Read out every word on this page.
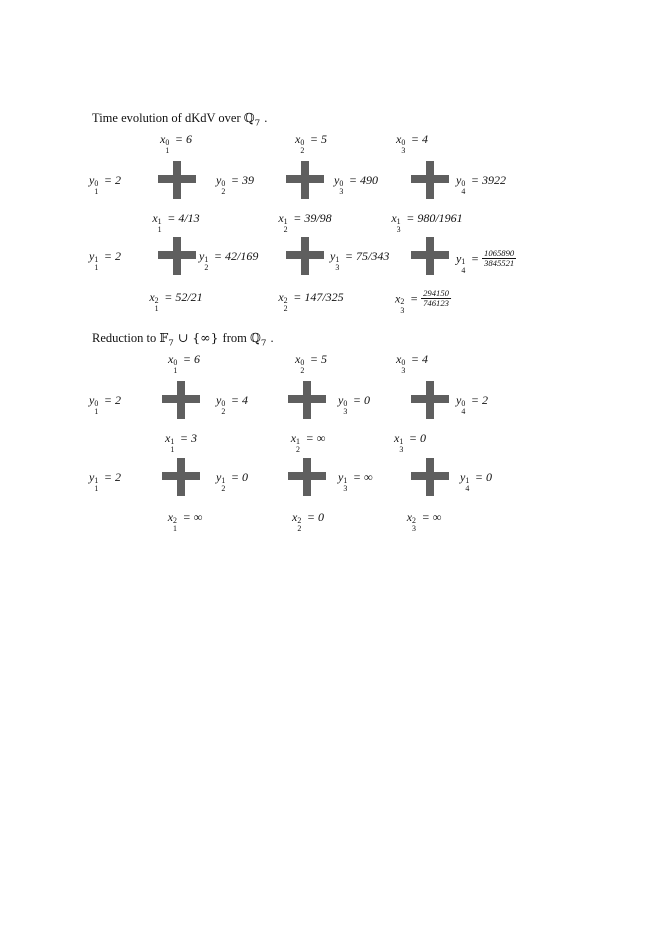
Time evolution of dKdV over ℚ$_7$ .
x 0
1
= 6	x 0
2
= 5	x 0
3
= 4
y 0
1
= 2	y 0
2
= 39	y 0
3
= 490	y 0
4
= 3922
x 1
1
= 4/13	x 1
2
= 39/98	x 1
3
= 980/1961
y 1
1
= 2	y 1
2
= 42/169	y 1
3
= 75/343	y 1
4
= $\frac{1065890}{3845521}$
x 2
1
= 52/21	x 2
2
= 147/325	x 2
3
= $\frac{294150}{746123}$
Reduction to 𝔽$_7$ ∪ {∞} from ℚ$_7$ .
x 0
1
= 6	x 0
2
= 5	x 0
3
= 4
y 0
1
= 2	y 0
2
= 4	y 0
3
= 0	y 0
4
= 2
x 1
1
= 3	x 1
2
= ∞	x 1
3
= 0
y 1
1
= 2	y 1
2
= 0	y 1
3
= ∞	y 1
4
= 0
x 2
1
= ∞	x 2
2
= 0	x 2
3
= ∞
